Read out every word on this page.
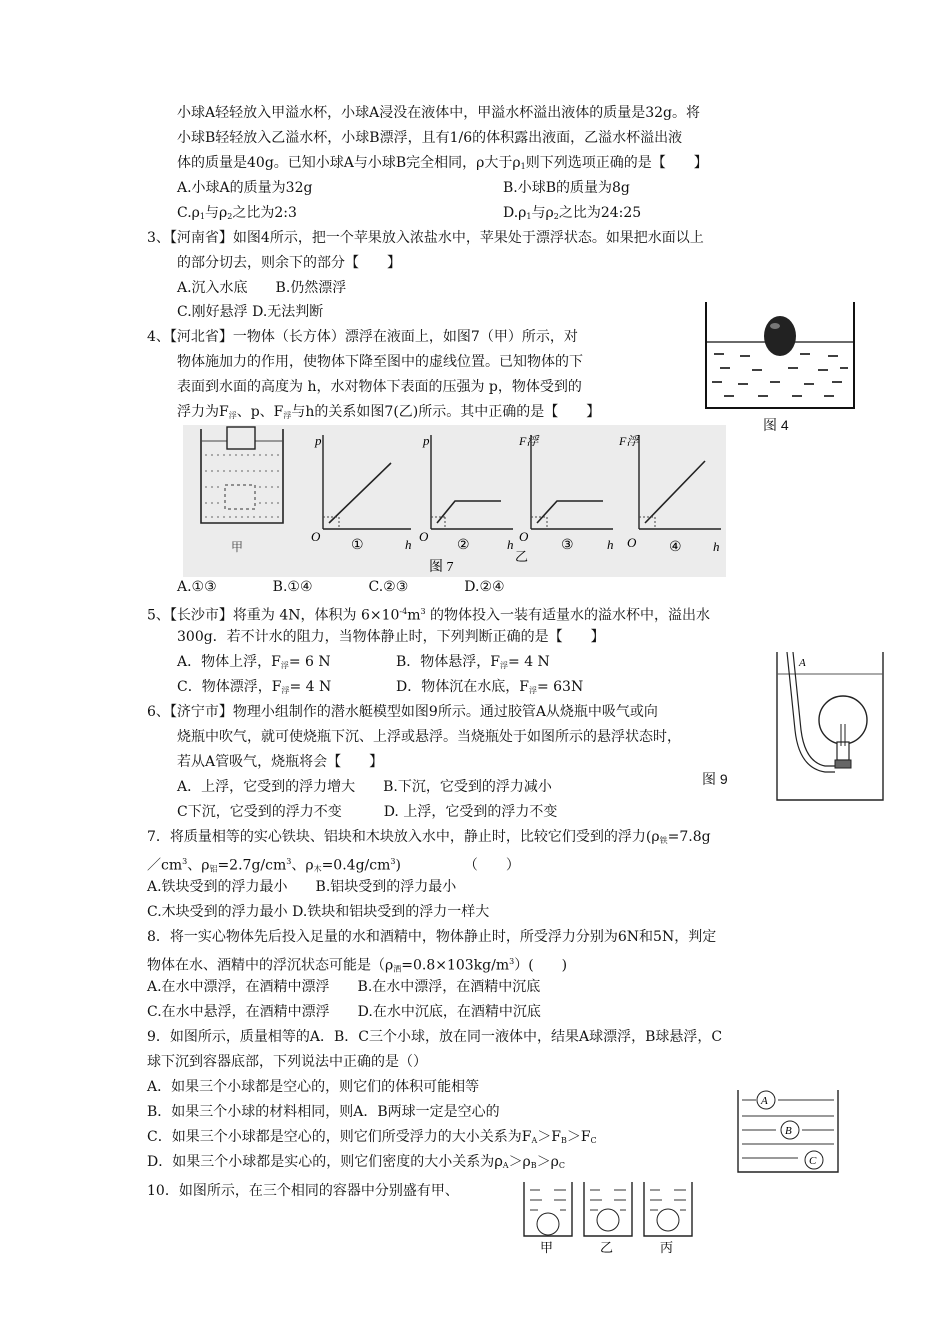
小球A轻轻放入甲溢水杯，小球A浸没在液体中，甲溢水杯溢出液体的质量是32g。将
小球B轻轻放入乙溢水杯，小球B漂浮，且有1/6的体积露出液面，乙溢水杯溢出液
体的质量是40g。已知小球A与小球B完全相同，ρ大于$\rho_1$则下列选项正确的是【　　】
A.小球A的质量为32g	B.小球B的质量为8g
$C.\rho_1$与$\rho_2$之比为2:3	$D.\rho_1$与$\rho_2$之比为24:25
3、【河南省】如图4所示，把一个苹果放入浓盐水中，苹果处于漂浮状态。如果把水面以上
的部分切去，则余下的部分【　　】
A.沉入水底　　B.仍然漂浮
C.刚好悬浮 D.无法判断
图 4
4、【河北省】一物体（长方体）漂浮在液面上，如图7（甲）所示，对
物体施加力的作用，使物体下降至图中的虚线位置。已知物体的下
表面到水面的高度为 h，水对物体下表面的压强为 p，物体受到的
浮力为$F_浮$、p、$F_浮$与h的关系如图7(乙)所示。其中正确的是【　　】
甲
p
O
h
①
p
O
h
②
F浮
O
h
③
乙
F浮
O	h
④
图 7
A.①③　　　　B.①④　　　　C.②③　　　　D.②④
5、【长沙市】将重为 4N，体积为 $6\times 10^{-4}m^3$ 的物体投入一装有适量水的溢水杯中，溢出水
300g．若不计水的阻力，当物体静止时，下列判断正确的是【　　】
A．物体上浮，$F_浮= 6$ N	B．物体悬浮，$F_浮= 4$ N
C．物体漂浮，$F_浮= 4$ N	D．物体沉在水底，$F_浮= 63N$
A
图 9
6、【济宁市】物理小组制作的潜水艇模型如图9所示。通过胶管A从烧瓶中吸气或向
烧瓶中吹气，就可使烧瓶下沉、上浮或悬浮。当烧瓶处于如图所示的悬浮状态时，
若从A管吸气，烧瓶将会【　　】
A．上浮，它受到的浮力增大　　B.下沉，它受到的浮力减小
C下沉，它受到的浮力不变　　　D. 上浮，它受到的浮力不变
7．将质量相等的实心铁块、铝块和木块放入水中，静止时，比较它们受到的浮力($\rho_铁=7.8g$
$/cm^3$、$\rho_铝=2.7g/cm^3$、$\rho_木=0.4g/cm^3$)　　　　　（　　）
A.铁块受到的浮力最小　　B.铝块受到的浮力最小
C.木块受到的浮力最小 D.铁块和铝块受到的浮力一样大
8．将一实心物体先后投入足量的水和酒精中，物体静止时，所受浮力分别为6N和5N，判定
物体在水、酒精中的浮沉状态可能是$(\rho_酒=0.8\times 103kg/m^3)$(　　)
A.在水中漂浮，在酒精中漂浮　　B.在水中漂浮，在酒精中沉底
C.在水中悬浮，在酒精中漂浮　　D.在水中沉底，在酒精中沉底
9．如图所示，质量相等的A．B．C三个小球，放在同一液体中，结果A球漂浮，B球悬浮，C
球下沉到容器底部，下列说法中正确的是（）
A．如果三个小球都是空心的，则它们的体积可能相等
B．如果三个小球的材料相同，则A．B两球一定是空心的
C．如果三个小球都是空心的，则它们所受浮力的大小关系为$F_A>F_B>F_C$
D．如果三个小球都是实心的，则它们密度的大小关系为$\rho_A>\rho_B>\rho_C$
A
B
C
10．如图所示，在三个相同的容器中分别盛有甲、
甲	乙	丙
